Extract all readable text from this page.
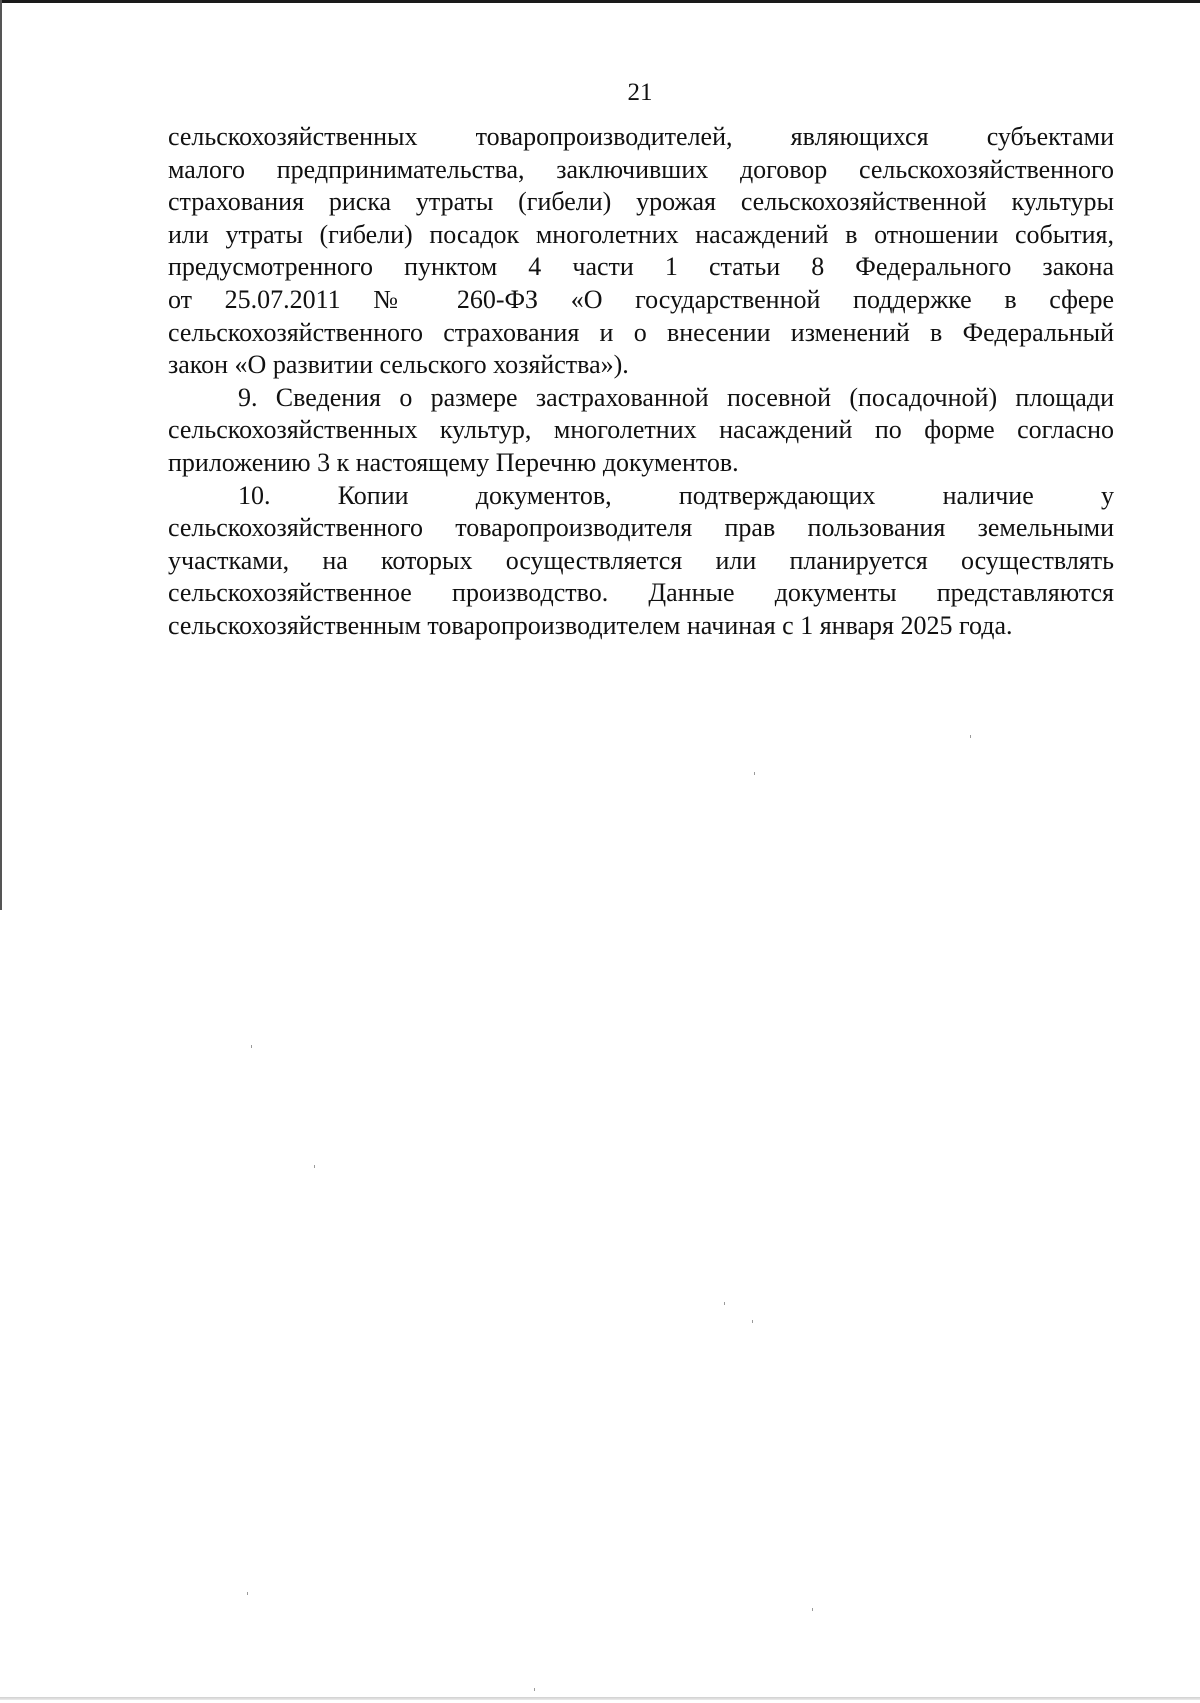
21
сельскохозяйственных товаропроизводителей, являющихся субъектами
малого предпринимательства, заключивших договор сельскохозяйственного
страхования риска утраты (гибели) урожая сельскохозяйственной культуры
или утраты (гибели) посадок многолетних насаждений в отношении события,
предусмотренного пунктом 4 части 1 статьи 8 Федерального закона
от 25.07.2011 № 260-ФЗ «О государственной поддержке в сфере
сельскохозяйственного страхования и о внесении изменений в Федеральный
закон «О развитии сельского хозяйства»).
9. Сведения о размере застрахованной посевной (посадочной) площади
сельскохозяйственных культур, многолетних насаждений по форме согласно
приложению 3 к настоящему Перечню документов.
10. Копии документов, подтверждающих наличие у
сельскохозяйственного товаропроизводителя прав пользования земельными
участками, на которых осуществляется или планируется осуществлять
сельскохозяйственное производство. Данные документы представляются
сельскохозяйственным товаропроизводителем начиная с 1 января 2025 года.
